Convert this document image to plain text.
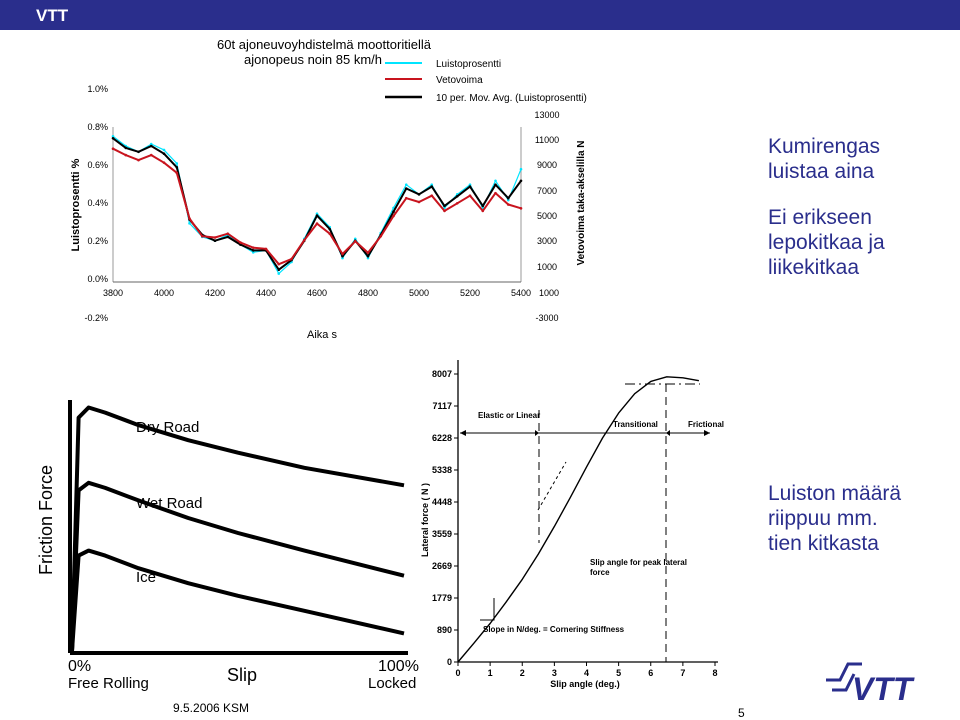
VTT
60t ajoneuvoyhdistelmä moottoritiellä
ajonopeus noin 85 km/h	Luistoprosentti
Vetovoima
10 per. Mov. Avg. (Luistoprosentti)
1.0%
0.8%
0.6%
0.4%
0.2%
0.0%
-0.2%
13000
11000
9000
7000
5000
3000
1000
1000
-3000
3800	4000	4200	4400	4600	4800	5000	5200	5400
Aika s
Luistoprosentti %	Vetovoima taka-akselilla N
Friction Force
Slip
0%
Free Rolling
100%
Locked
Dry Road
Wet Road
Ice
0	1	2	3	4	5	6	7	8
8007
7117
6228
5338
4448
3559
2669
1779
890
0
Lateral force ( N )
Slip angle (deg.)
Elastic or Linear
Transitional	Frictional
Slip angle for peak lateral force
Slope in N/deg. = Cornering Stiffness
VTT
Kumirengas
luistaa aina
Ei erikseen
lepokitkaa ja
liikekitkaa
Luiston määrä
riippuu mm.
tien kitkasta
9.5.2006 KSM	5
